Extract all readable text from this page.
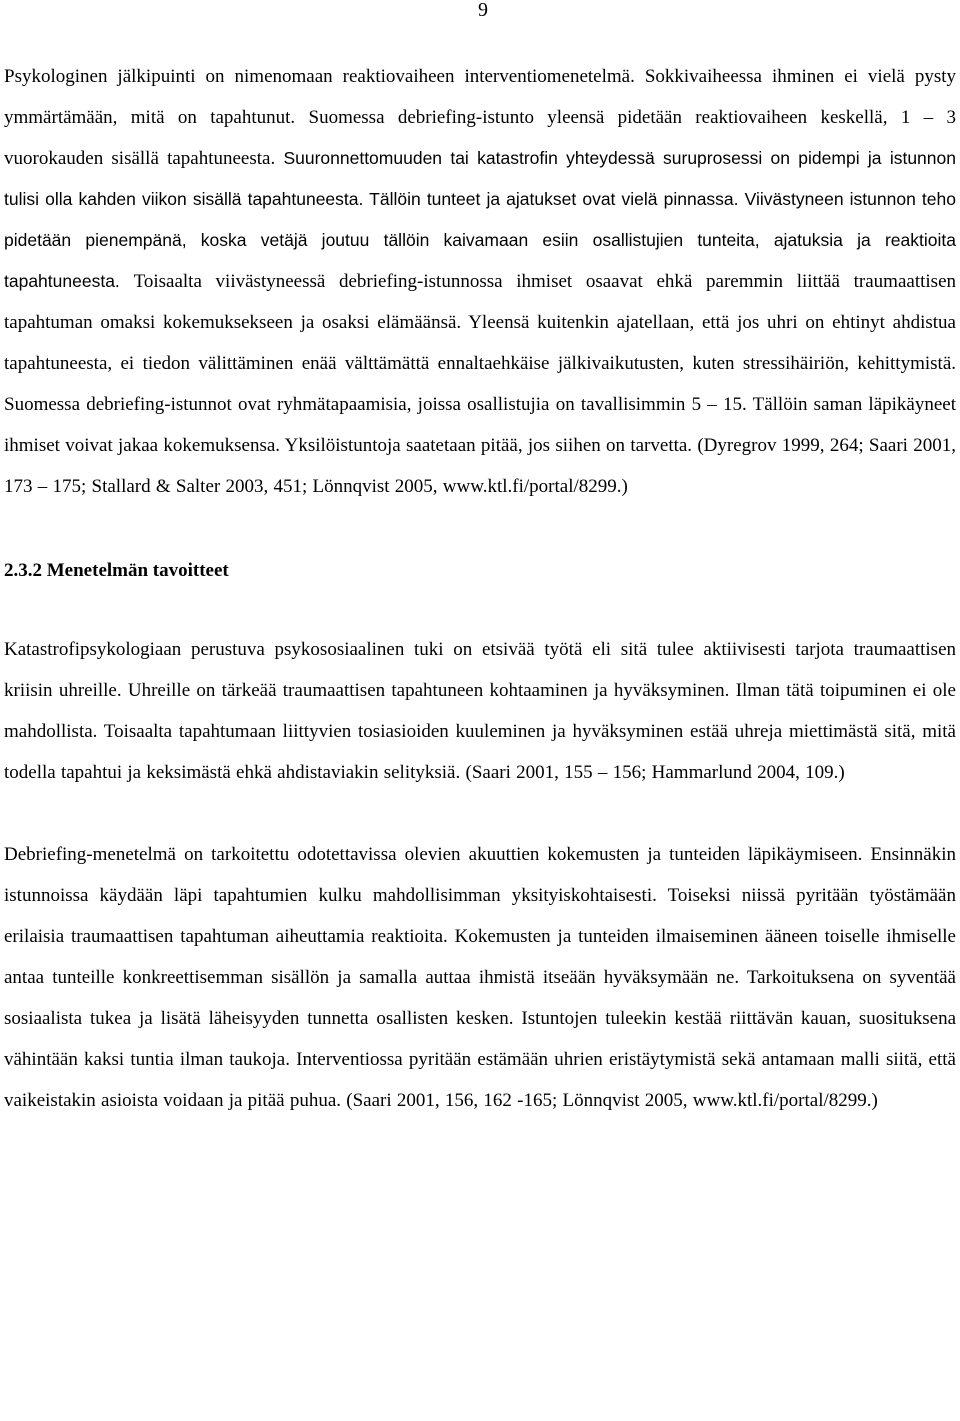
9

Psykologinen jälkipuinti on nimenomaan reaktiovaiheen interventiomenetelmä. Sokkivaiheessa ihminen ei vielä pysty ymmärtämään, mitä on tapahtunut. Suomessa debriefing-istunto yleensä pidetään reaktiovaiheen keskellä, 1 – 3 vuorokauden sisällä tapahtuneesta. Suuronnettomuuden tai katastrofin yhteydessä suruprosessi on pidempi ja istunnon tulisi olla kahden viikon sisällä tapahtuneesta. Tällöin tunteet ja ajatukset ovat vielä pinnassa. Viivästyneen istunnon teho pidetään pienempänä, koska vetäjä joutuu tällöin kaivamaan esiin osallistujien tunteita, ajatuksia ja reaktioita tapahtuneesta. Toisaalta viivästyneessä debriefing-istunnossa ihmiset osaavat ehkä paremmin liittää traumaattisen tapahtuman omaksi kokemuksekseen ja osaksi elämäänsä. Yleensä kuitenkin ajatellaan, että jos uhri on ehtinyt ahdistua tapahtuneesta, ei tiedon välittäminen enää välttämättä ennaltaehkäise jälkivaikutusten, kuten stressihäiriön, kehittymistä. Suomessa debriefing-istunnot ovat ryhmätapaamisia, joissa osallistujia on tavallisimmin 5 – 15. Tällöin saman läpikäyneet ihmiset voivat jakaa kokemuksensa. Yksilöistuntoja saatetaan pitää, jos siihen on tarvetta. (Dyregrov 1999, 264; Saari 2001, 173 – 175; Stallard & Salter 2003, 451; Lönnqvist 2005, www.ktl.fi/portal/8299.)

2.3.2 Menetelmän tavoitteet

Katastrofipsykologiaan perustuva psykososiaalinen tuki on etsivää työtä eli sitä tulee aktiivisesti tarjota traumaattisen kriisin uhreille. Uhreille on tärkeää traumaattisen tapahtuneen kohtaaminen ja hyväksyminen. Ilman tätä toipuminen ei ole mahdollista. Toisaalta tapahtumaan liittyvien tosiasioiden kuuleminen ja hyväksyminen estää uhreja miettimästä sitä, mitä todella tapahtui ja keksimästä ehkä ahdistaviakin selityksiä. (Saari 2001, 155 – 156; Hammarlund 2004, 109.)

Debriefing-menetelmä on tarkoitettu odotettavissa olevien akuuttien kokemusten ja tunteiden läpikäymiseen. Ensinnäkin istunnoissa käydään läpi tapahtumien kulku mahdollisimman yksityiskohtaisesti. Toiseksi niissä pyritään työstämään erilaisia traumaattisen tapahtuman aiheuttamia reaktioita. Kokemusten ja tunteiden ilmaiseminen ääneen toiselle ihmiselle antaa tunteille konkreettisemman sisällön ja samalla auttaa ihmistä itseään hyväksymään ne. Tarkoituksena on syventää sosiaalista tukea ja lisätä läheisyyden tunnetta osallisten kesken. Istuntojen tuleekin kestää riittävän kauan, suosituksena vähintään kaksi tuntia ilman taukoja. Interventiossa pyritään estämään uhrien eristäytymistä sekä antamaan malli siitä, että vaikeistakin asioista voidaan ja pitää puhua. (Saari 2001, 156, 162 -165; Lönnqvist 2005, www.ktl.fi/portal/8299.)
